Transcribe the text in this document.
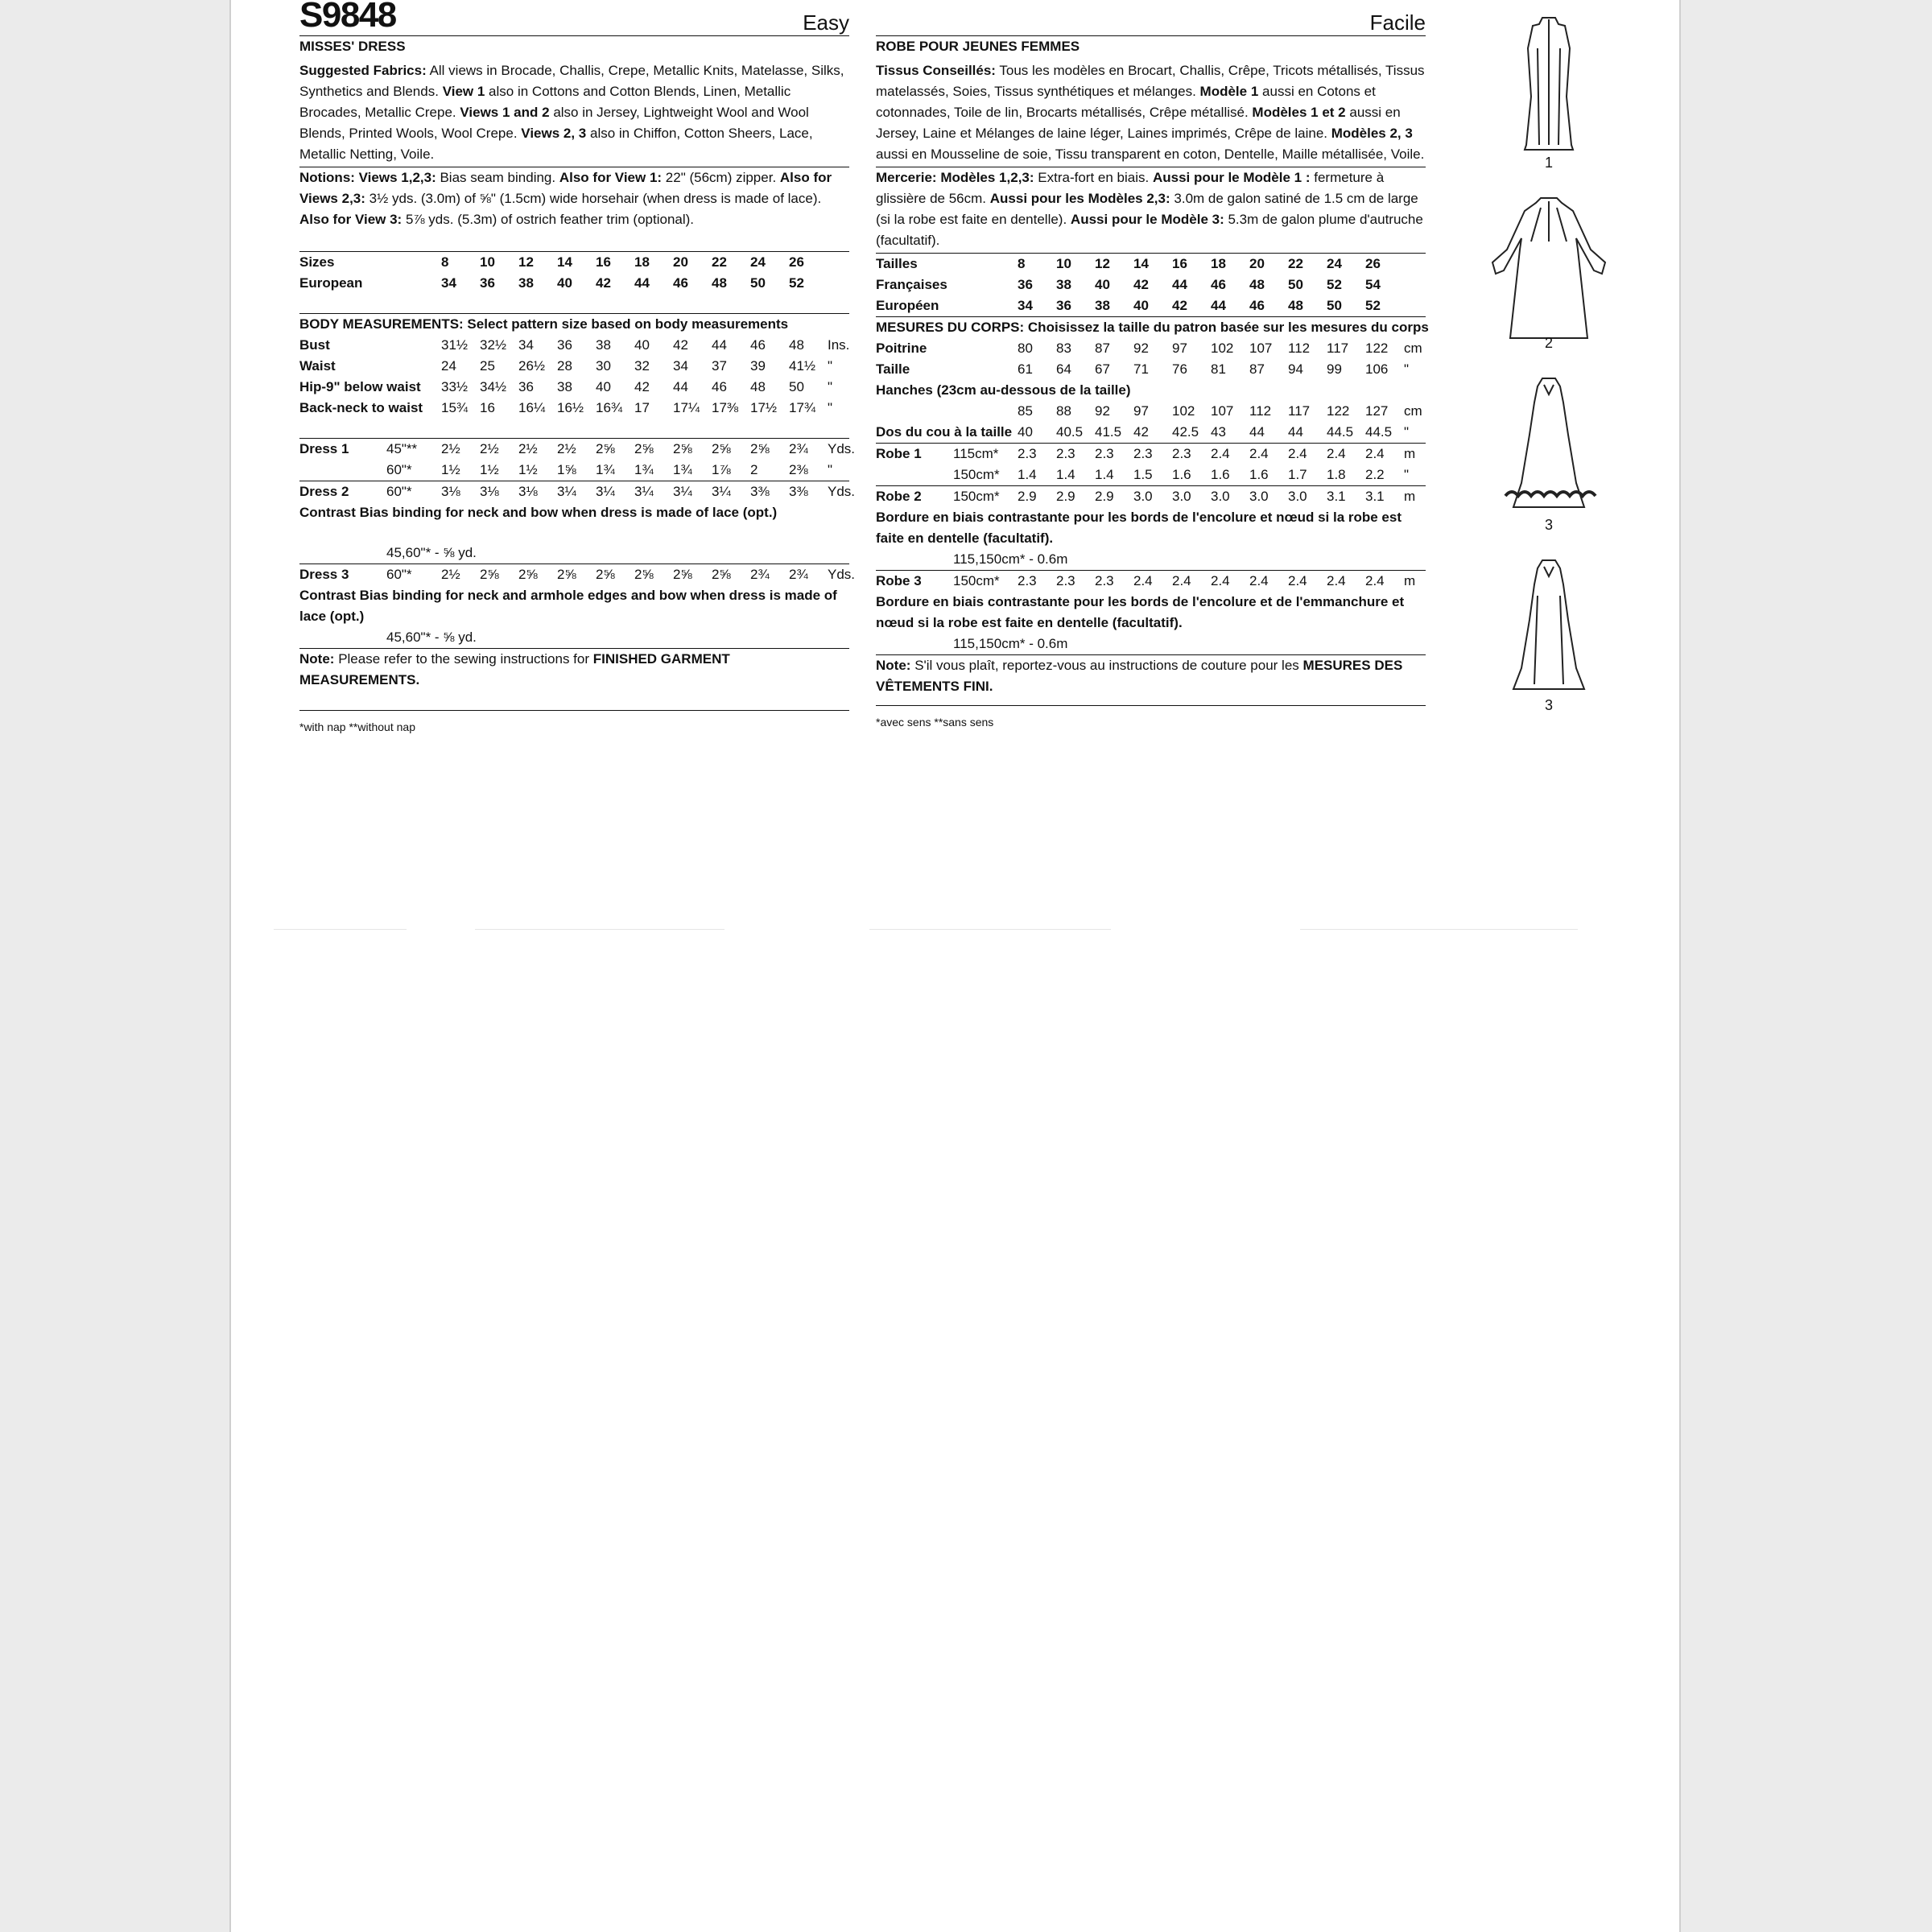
S9848	Easy
MISSES' DRESS

Suggested Fabrics: All views in Brocade, Challis, Crepe, Metallic Knits, Matelasse, Silks, Synthetics and Blends. View 1 also in Cottons and Cotton Blends, Linen, Metallic Brocades, Metallic Crepe. Views 1 and 2 also in Jersey, Lightweight Wool and Wool Blends, Printed Wools, Wool Crepe. Views 2, 3 also in Chiffon, Cotton Sheers, Lace, Metallic Netting, Voile.

Notions: Views 1,2,3: Bias seam binding. Also for View 1: 22" (56cm) zipper. Also for Views 2,3: 3½ yds. (3.0m) of ⅝" (1.5cm) wide horsehair (when dress is made of lace). Also for View 3: 5⅞ yds. (5.3m) of ostrich feather trim (optional).

Sizes	8	10	12	14	16	18	20	22	24	26
European	34	36	38	40	42	44	46	48	50	52
BODY MEASUREMENTS: Select pattern size based on body measurements
Bust	31½ 32½ 34	36	38	40	42	44	46	48	Ins.
Waist	24	25	26½ 28	30	32	34	37	39	41½ "
Hip-9" below waist	33½ 34½ 36	38	40	42	44	46	48	50	"
Back-neck to waist	15¾ 16	16¼ 16½ 16¾ 17	17¼ 17⅜ 17½ 17¾ "
Dress 1	45"**	2½	2½	2½	2½	2⅝	2⅝	2⅝	2⅝	2⅝	2¾	Yds.
60"*	1½	1½	1½	1⅝	1¾	1¾	1¾	1⅞	2	2⅜	"
Dress 2	60"*	3⅛	3⅛	3⅛	3¼	3¼	3¼	3¼	3¼	3⅜	3⅜	Yds.

Contrast Bias binding for neck and bow when dress is made of lace (opt.)

45,60"* - ⅝ yd.

Dress 3	60"*	2½	2⅝	2⅝	2⅝	2⅝	2⅝	2⅝	2⅝	2¾	2¾	Yds.

Contrast Bias binding for neck and armhole edges and bow when dress is made of lace (opt.)

45,60"* - ⅝ yd.

Note: Please refer to the sewing instructions for FINISHED GARMENT MEASUREMENTS.

*with nap **without nap

Facile
ROBE POUR JEUNES FEMMES

Tissus Conseillés: Tous les modèles en Brocart, Challis, Crêpe, Tricots métallisés, Tissus matelassés, Soies, Tissus synthétiques et mélanges. Modèle 1 aussi en Cotons et cotonnades, Toile de lin, Brocarts métallisés, Crêpe métallisé. Modèles 1 et 2 aussi en Jersey, Laine et Mélanges de laine léger, Laines imprimés, Crêpe de laine. Modèles 2, 3 aussi en Mousseline de soie, Tissu transparent en coton, Dentelle, Maille métallisée, Voile.

Mercerie: Modèles 1,2,3: Extra-fort en biais. Aussi pour le Modèle 1 : fermeture à glissière de 56cm. Aussi pour les Modèles 2,3: 3.0m de galon satiné de 1.5 cm de large (si la robe est faite en dentelle). Aussi pour le Modèle 3: 5.3m de galon plume d'autruche (facultatif).

Tailles	8	10	12	14	16	18	20	22	24	26
Françaises	36	38	40	42	44	46	48	50	52	54
Européen	34	36	38	40	42	44	46	48	50	52
MESURES DU CORPS: Choisissez la taille du patron basée sur les mesures du corps
Poitrine	80	83	87	92	97	102	107	112	117	122	cm
Taille	61	64	67	71	76	81	87	94	99	106	"
Hanches (23cm au-dessous de la taille)
85	88	92	97	102	107	112	117	122	127	cm
Dos du cou à la taille 40	40.5 41.5 42	42.5 43	44	44	44.5 44.5 "
Robe 1	115cm*	2.3	2.3	2.3	2.3	2.3	2.4	2.4	2.4	2.4	2.4	m
150cm*	1.4	1.4	1.4	1.5	1.6	1.6	1.6	1.7	1.8	2.2	"
Robe 2	150cm*	2.9	2.9	2.9	3.0	3.0	3.0	3.0	3.0	3.1	3.1	m

Bordure en biais contrastante pour les bords de l'encolure et nœud si la robe est faite en dentelle (facultatif).

115,150cm* - 0.6m

Robe 3	150cm*	2.3	2.3	2.3	2.4	2.4	2.4	2.4	2.4	2.4	2.4	m

Bordure en biais contrastante pour les bords de l'encolure et de l'emmanchure et nœud si la robe est faite en dentelle (facultatif).

115,150cm* - 0.6m

Note: S'il vous plaît, reportez-vous au instructions de couture pour les MESURES DES VÊTEMENTS FINI.

*avec sens **sans sens

1
2
3
3
